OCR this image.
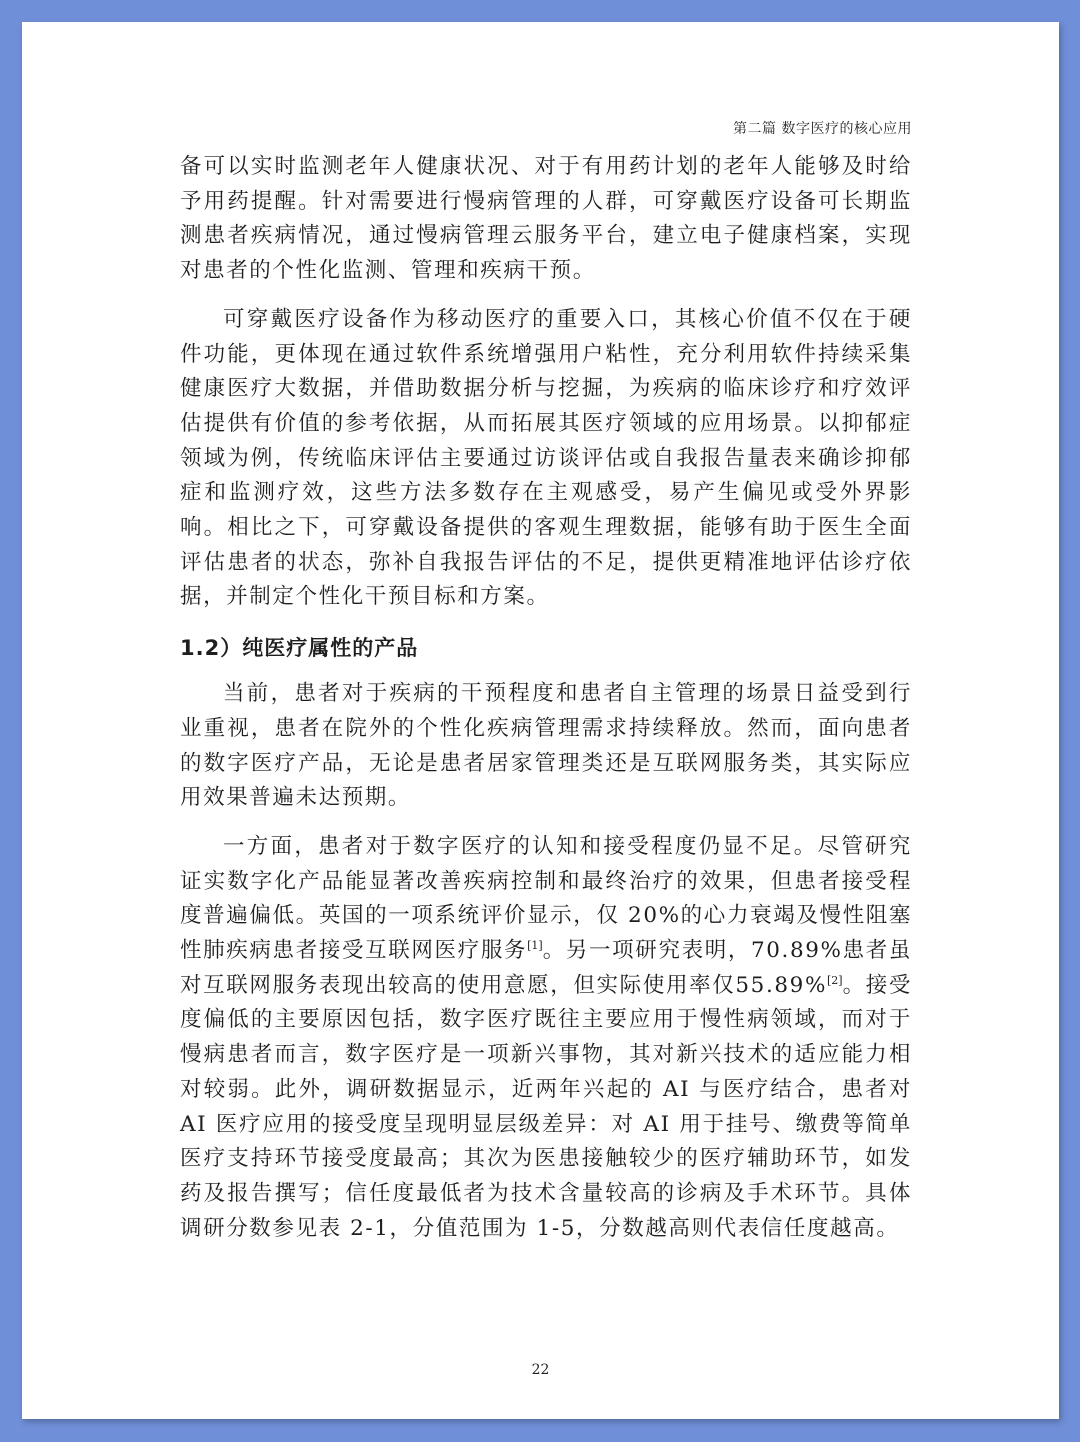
第二篇 数字医疗的核心应用

备可以实时监测老年人健康状况、对于有用药计划的老年人能够及时给予用药提醒。针对需要进行慢病管理的人群，可穿戴医疗设备可长期监测患者疾病情况，通过慢病管理云服务平台，建立电子健康档案，实现对患者的个性化监测、管理和疾病干预。

可穿戴医疗设备作为移动医疗的重要入口，其核心价值不仅在于硬件功能，更体现在通过软件系统增强用户粘性，充分利用软件持续采集健康医疗大数据，并借助数据分析与挖掘，为疾病的临床诊疗和疗效评估提供有价值的参考依据，从而拓展其医疗领域的应用场景。以抑郁症领域为例，传统临床评估主要通过访谈评估或自我报告量表来确诊抑郁症和监测疗效，这些方法多数存在主观感受，易产生偏见或受外界影响。相比之下，可穿戴设备提供的客观生理数据，能够有助于医生全面评估患者的状态，弥补自我报告评估的不足，提供更精准地评估诊疗依据，并制定个性化干预目标和方案。

1.2）纯医疗属性的产品

当前，患者对于疾病的干预程度和患者自主管理的场景日益受到行业重视，患者在院外的个性化疾病管理需求持续释放。然而，面向患者的数字医疗产品，无论是患者居家管理类还是互联网服务类，其实际应用效果普遍未达预期。

一方面，患者对于数字医疗的认知和接受程度仍显不足。尽管研究证实数字化产品能显著改善疾病控制和最终治疗的效果，但患者接受程度普遍偏低。英国的一项系统评价显示，仅 20%的心力衰竭及慢性阻塞性肺疾病患者接受互联网医疗服务[1]。另一项研究表明，70.89%患者虽对互联网服务表现出较高的使用意愿，但实际使用率仅55.89%[2]。接受度偏低的主要原因包括，数字医疗既往主要应用于慢性病领域，而对于慢病患者而言，数字医疗是一项新兴事物，其对新兴技术的适应能力相对较弱。此外，调研数据显示，近两年兴起的 AI 与医疗结合，患者对 AI 医疗应用的接受度呈现明显层级差异：对 AI 用于挂号、缴费等简单医疗支持环节接受度最高；其次为医患接触较少的医疗辅助环节，如发药及报告撰写；信任度最低者为技术含量较高的诊病及手术环节。具体调研分数参见表 2-1，分值范围为 1-5，分数越高则代表信任度越高。

22
